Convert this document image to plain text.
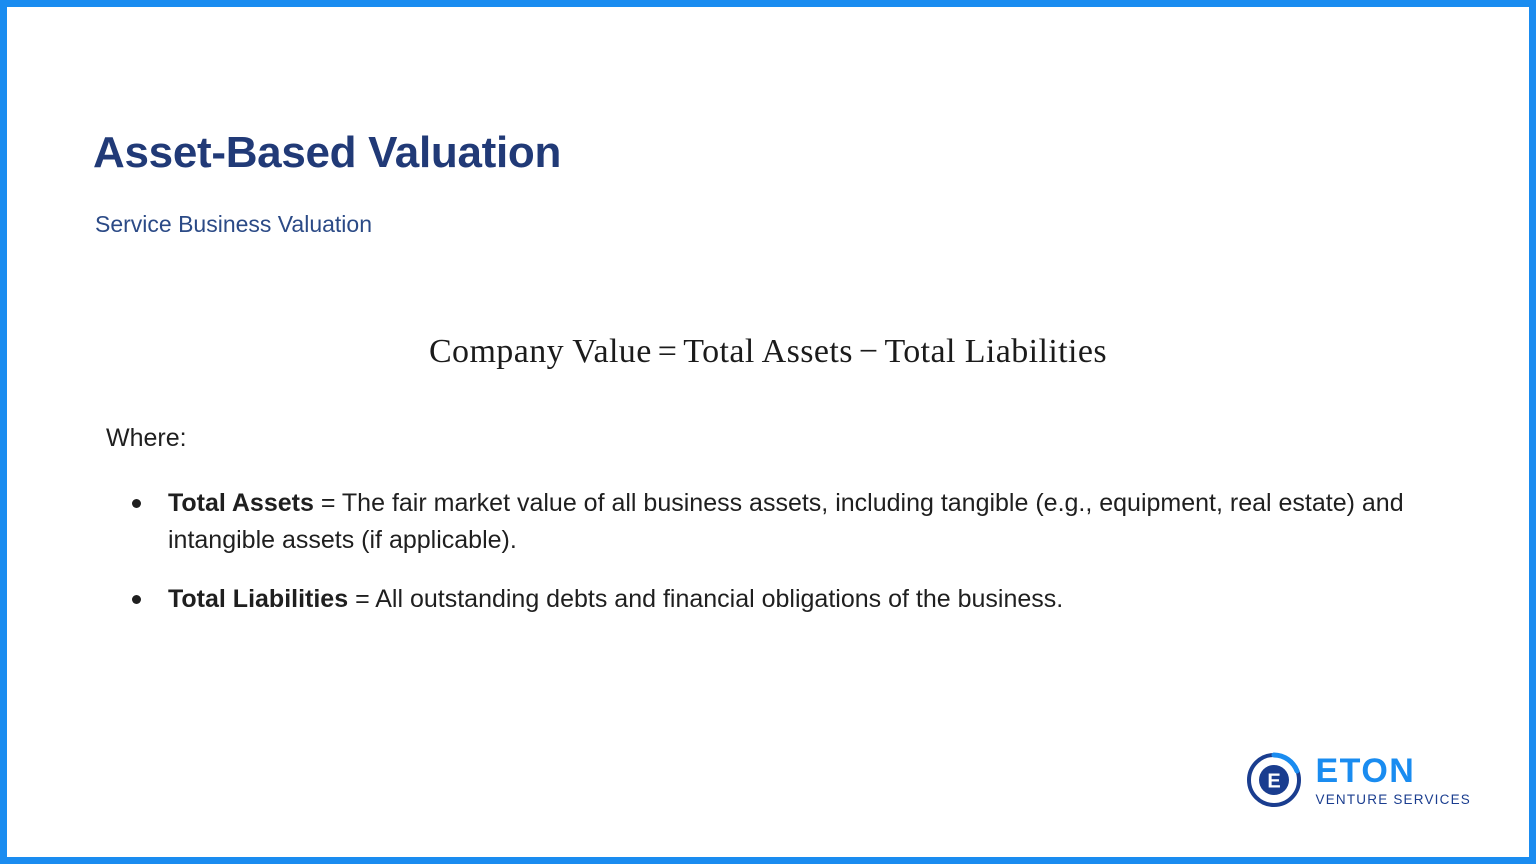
Asset-Based Valuation
Service Business Valuation
Company Value = Total Assets − Total Liabilities
Where:
Total Assets = The fair market value of all business assets, including tangible (e.g., equipment, real estate) and intangible assets (if applicable).
Total Liabilities = All outstanding debts and financial obligations of the business.
E ETON
VENTURE SERVICES
